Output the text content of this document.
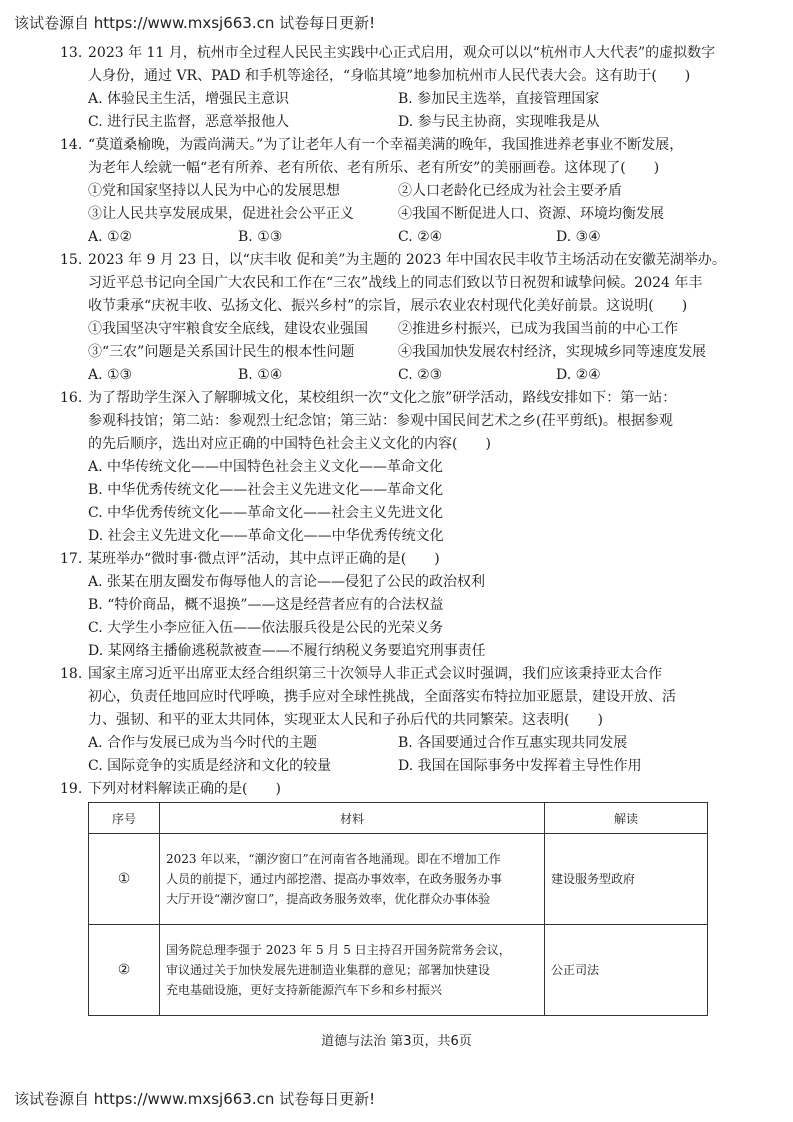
该试卷源自 https://www.mxsj663.cn 试卷每日更新!
13. 2023 年 11 月，杭州市全过程人民民主实践中心正式启用，观众可以以“杭州市人大代表”的虚拟数字
人身份，通过 VR、PAD 和手机等途径，“身临其境”地参加杭州市人民代表大会。这有助于(　　)
A. 体验民主生活，增强民主意识	B. 参加民主选举，直接管理国家
C. 进行民主监督，恶意举报他人	D. 参与民主协商，实现唯我是从
14. “莫道桑榆晚，为霞尚满天。”为了让老年人有一个幸福美满的晚年，我国推进养老事业不断发展，
为老年人绘就一幅“老有所养、老有所依、老有所乐、老有所安”的美丽画卷。这体现了(　　)
①党和国家坚持以人民为中心的发展思想	②人口老龄化已经成为社会主要矛盾
③让人民共享发展成果，促进社会公平正义	④我国不断促进人口、资源、环境均衡发展
A. ①②	B. ①③	C. ②④	D. ③④
15. 2023 年 9 月 23 日，以“庆丰收 促和美”为主题的 2023 年中国农民丰收节主场活动在安徽芜湖举办。
习近平总书记向全国广大农民和工作在“三农”战线上的同志们致以节日祝贺和诚挚问候。2024 年丰
收节秉承“庆祝丰收、弘扬文化、振兴乡村”的宗旨，展示农业农村现代化美好前景。这说明(　　)
①我国坚决守牢粮食安全底线，建设农业强国 ②推进乡村振兴，已成为我国当前的中心工作
③“三农”问题是关系国计民生的根本性问题	④我国加快发展农村经济，实现城乡同等速度发展
A. ①③	B. ①④	C. ②③	D. ②④
16. 为了帮助学生深入了解聊城文化，某校组织一次“文化之旅”研学活动，路线安排如下：第一站：
参观科技馆；第二站：参观烈士纪念馆；第三站：参观中国民间艺术之乡(茌平剪纸)。根据参观
的先后顺序，选出对应正确的中国特色社会主义文化的内容(　　)
A. 中华传统文化——中国特色社会主义文化——革命文化
B. 中华优秀传统文化——社会主义先进文化——革命文化
C. 中华优秀传统文化——革命文化——社会主义先进文化
D. 社会主义先进文化——革命文化——中华优秀传统文化
17. 某班举办“微时事·微点评”活动，其中点评正确的是(　　)
A. 张某在朋友圈发布侮辱他人的言论——侵犯了公民的政治权利
B. “特价商品，概不退换”——这是经营者应有的合法权益
C. 大学生小李应征入伍——依法服兵役是公民的光荣义务
D. 某网络主播偷逃税款被查——不履行纳税义务要追究刑事责任
18. 国家主席习近平出席亚太经合组织第三十次领导人非正式会议时强调，我们应该秉持亚太合作
初心，负责任地回应时代呼唤，携手应对全球性挑战，全面落实布特拉加亚愿景，建设开放、活
力、强韧、和平的亚太共同体，实现亚太人民和子孙后代的共同繁荣。这表明(　　)
A. 合作与发展已成为当今时代的主题	B. 各国要通过合作互惠实现共同发展
C. 国际竞争的实质是经济和文化的较量	D. 我国在国际事务中发挥着主导性作用
19. 下列对材料解读正确的是(　　)
序号	材料	解读
①	2023 年以来，“潮汐窗口”在河南省各地涌现。即在不增加工作
人员的前提下，通过内部挖潜、提高办事效率，在政务服务办事
大厅开设“潮汐窗口”，提高政务服务效率，优化群众办事体验	建设服务型政府
②	国务院总理李强于 2023 年 5 月 5 日主持召开国务院常务会议，
审议通过关于加快发展先进制造业集群的意见；部署加快建设
充电基础设施，更好支持新能源汽车下乡和乡村振兴	公正司法
道德与法治 第3页，共6页
该试卷源自 https://www.mxsj663.cn 试卷每日更新!
